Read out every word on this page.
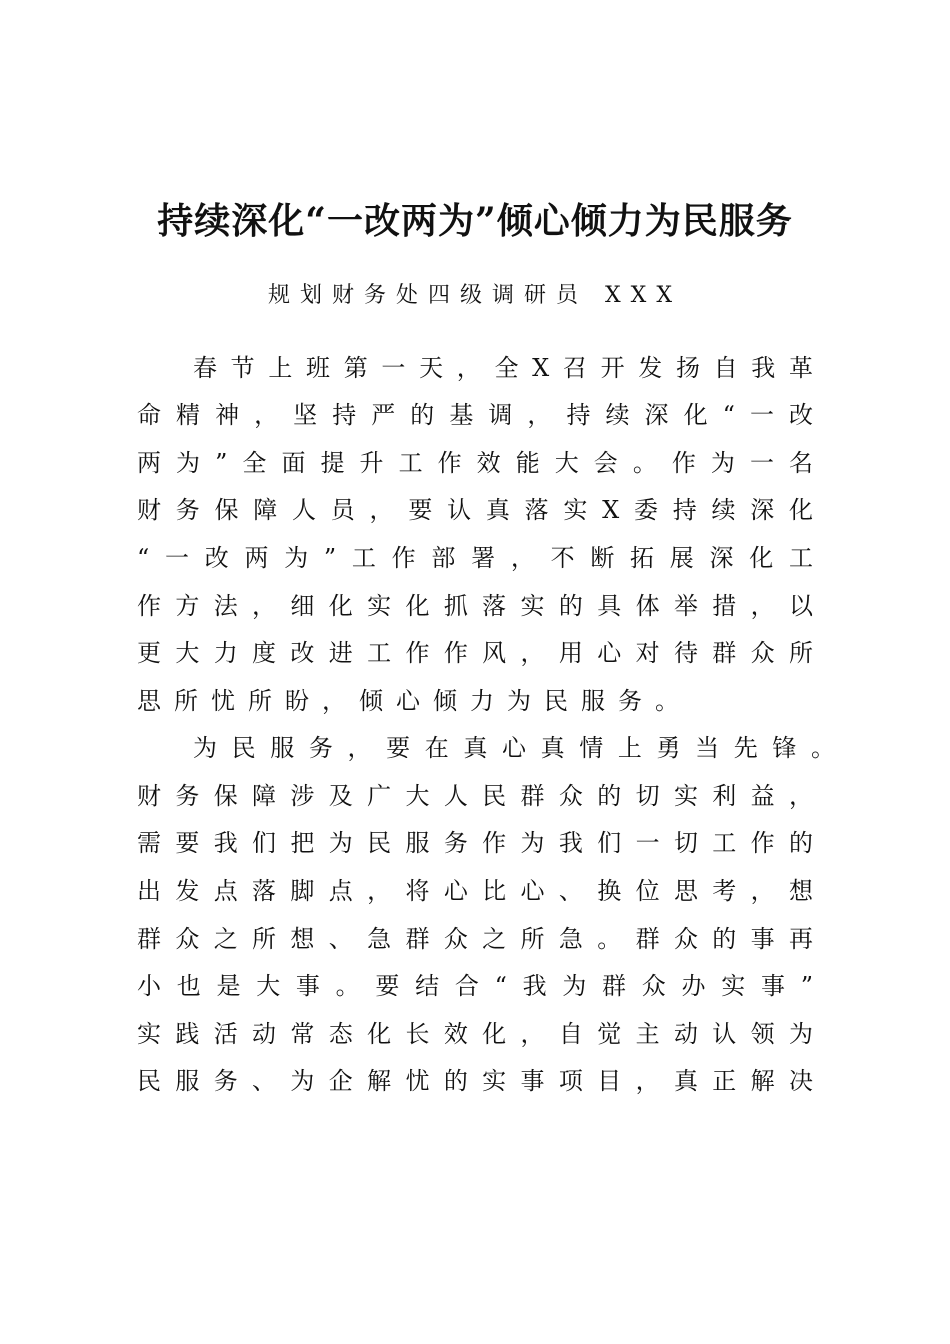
持续深化“一改两为”倾心倾力为民服务
规划财务处四级调研员 XXX
春节上班第一天，全X召开发扬自我革
命精神，坚持严的基调，持续深化“一改
两为”全面提升工作效能大会。作为一名
财务保障人员，要认真落实X委持续深化
“一改两为”工作部署，不断拓展深化工
作方法，细化实化抓落实的具体举措，以
更大力度改进工作作风，用心对待群众所
思所忧所盼，倾心倾力为民服务。
为民服务，要在真心真情上勇当先锋。
财务保障涉及广大人民群众的切实利益，
需要我们把为民服务作为我们一切工作的
出发点落脚点，将心比心、换位思考，想
群众之所想、急群众之所急。群众的事再
小也是大事。要结合“我为群众办实事”
实践活动常态化长效化，自觉主动认领为
民服务、为企解忧的实事项目，真正解决
